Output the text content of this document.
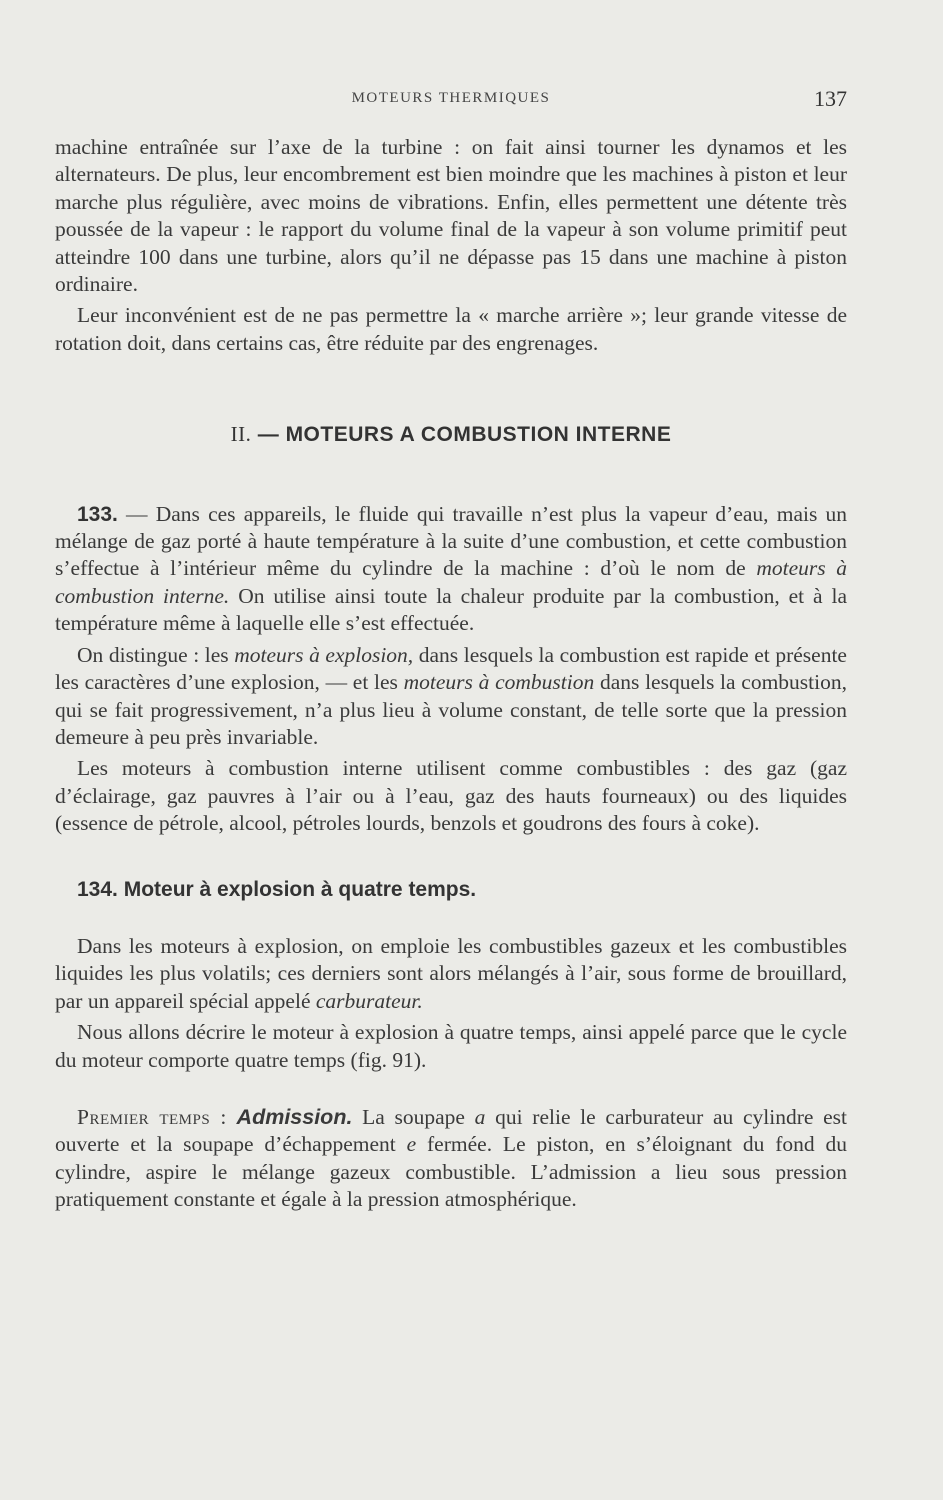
MOTEURS THERMIQUES	137

machine entraînée sur l’axe de la turbine : on fait ainsi tourner les dynamos et les alternateurs. De plus, leur encombrement est bien moindre que les machines à piston et leur marche plus régulière, avec moins de vibrations. Enfin, elles permettent une détente très poussée de la vapeur : le rapport du volume final de la vapeur à son volume primitif peut atteindre 100 dans une turbine, alors qu’il ne dépasse pas 15 dans une machine à piston ordinaire.

Leur inconvénient est de ne pas permettre la « marche arrière »; leur grande vitesse de rotation doit, dans certains cas, être réduite par des engrenages.

II. — MOTEURS A COMBUSTION INTERNE

133. — Dans ces appareils, le fluide qui travaille n’est plus la vapeur d’eau, mais un mélange de gaz porté à haute température à la suite d’une combustion, et cette combustion s’effectue à l’intérieur même du cylindre de la machine : d’où le nom de moteurs à combustion interne. On utilise ainsi toute la chaleur produite par la combustion, et à la température même à laquelle elle s’est effectuée.

On distingue : les moteurs à explosion, dans lesquels la combustion est rapide et présente les caractères d’une explosion, — et les moteurs à combustion dans lesquels la combustion, qui se fait progressivement, n’a plus lieu à volume constant, de telle sorte que la pression demeure à peu près invariable.

Les moteurs à combustion interne utilisent comme combustibles : des gaz (gaz d’éclairage, gaz pauvres à l’air ou à l’eau, gaz des hauts fourneaux) ou des liquides (essence de pétrole, alcool, pétroles lourds, benzols et goudrons des fours à coke).

134. Moteur à explosion à quatre temps.

Dans les moteurs à explosion, on emploie les combustibles gazeux et les combustibles liquides les plus volatils; ces derniers sont alors mélangés à l’air, sous forme de brouillard, par un appareil spécial appelé carburateur.

Nous allons décrire le moteur à explosion à quatre temps, ainsi appelé parce que le cycle du moteur comporte quatre temps (fig. 91).

Premier temps : Admission. La soupape a qui relie le carburateur au cylindre est ouverte et la soupape d’échappement e fermée. Le piston, en s’éloignant du fond du cylindre, aspire le mélange gazeux combustible. L’admission a lieu sous pression pratiquement constante et égale à la pression atmosphérique.
